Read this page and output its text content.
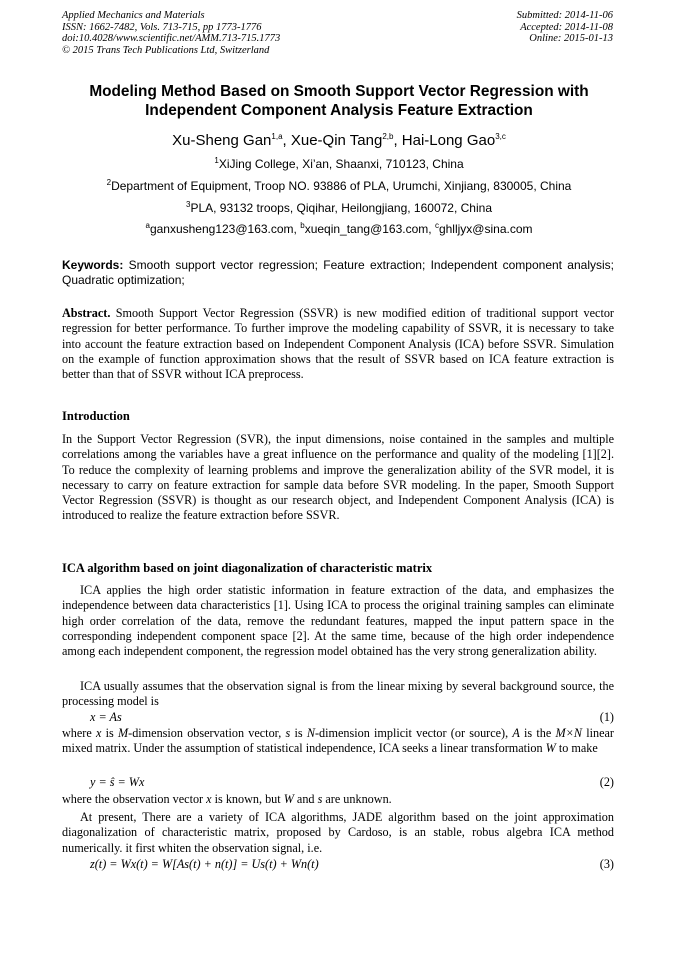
Applied Mechanics and Materials
ISSN: 1662-7482, Vols. 713-715, pp 1773-1776
doi:10.4028/www.scientific.net/AMM.713-715.1773
© 2015 Trans Tech Publications Ltd, Switzerland
Submitted: 2014-11-06
Accepted: 2014-11-08
Online: 2015-01-13
Modeling Method Based on Smooth Support Vector Regression with
Independent Component Analysis Feature Extraction
Xu-Sheng Gan$^{1,a}$, Xue-Qin Tang$^{2,b}$, Hai-Long Gao$^{3,c}$
$^1$XiJing College, Xi’an, Shaanxi, 710123, China
$^2$Department of Equipment, Troop NO. 93886 of PLA, Urumchi, Xinjiang, 830005, China
$^3$PLA, 93132 troops, Qiqihar, Heilongjiang, 160072, China
$^a$ganxusheng123@163.com, $^b$xueqin_tang@163.com, $^c$ghlljyx@sina.com
Keywords: Smooth support vector regression; Feature extraction; Independent component analysis; Quadratic optimization;
Abstract. Smooth Support Vector Regression (SSVR) is new modified edition of traditional support vector regression for better performance. To further improve the modeling capability of SSVR, it is necessary to take into account the feature extraction based on Independent Component Analysis (ICA) before SSVR. Simulation on the example of function approximation shows that the result of SSVR based on ICA feature extraction is better than that of SSVR without ICA preprocess.
Introduction
In the Support Vector Regression (SVR), the input dimensions, noise contained in the samples and multiple correlations among the variables have a great influence on the performance and quality of the modeling [1][2]. To reduce the complexity of learning problems and improve the generalization ability of the SVR model, it is necessary to carry on feature extraction for sample data before SVR modeling. In the paper, Smooth Support Vector Regression (SSVR) is thought as our research object, and Independent Component Analysis (ICA) is introduced to realize the feature extraction before SSVR.
ICA algorithm based on joint diagonalization of characteristic matrix
ICA applies the high order statistic information in feature extraction of the data, and emphasizes the independence between data characteristics [1]. Using ICA to process the original training samples can eliminate high order correlation of the data, remove the redundant features, mapped the input pattern space in the corresponding independent component space [2]. At the same time, because of the high order independence among each independent component, the regression model obtained has the very strong generalization ability.
ICA usually assumes that the observation signal is from the linear mixing by several background source, the processing model is
x = As	(1)
where x is M-dimension observation vector, s is N-dimension implicit vector (or source), A is the M×N linear mixed matrix. Under the assumption of statistical independence, ICA seeks a linear transformation W to make
y = ŝ = Wx	(2)
where the observation vector x is known, but W and s are unknown.
At present, There are a variety of ICA algorithms, JADE algorithm based on the joint approximation diagonalization of characteristic matrix, proposed by Cardoso, is an stable, robus algebra ICA method numerically. it first whiten the observation signal, i.e.
z(t) = Wx(t) = W[As(t) + n(t)] = Us(t) + Wn(t)	(3)
